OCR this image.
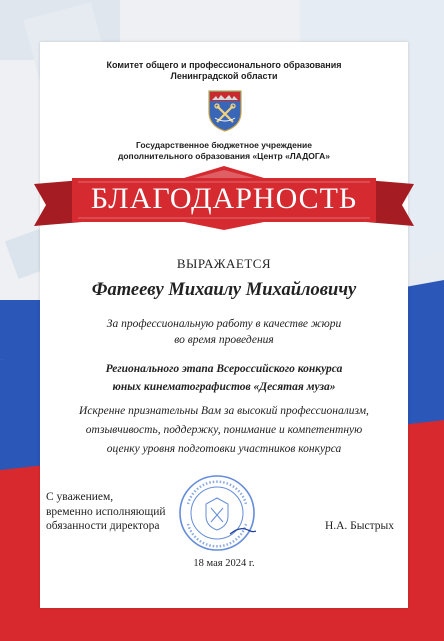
Комитет общего и профессионального образования
Ленинградской области
Государственное бюджетное учреждение
дополнительного образования «Центр «ЛАДОГА»
БЛАГОДАРНОСТЬ
ВЫРАЖАЕТСЯ
Фатееву Михаилу Михайловичу
За профессиональную работу в качестве жюри
во время проведения
Регионального этапа Всероссийского конкурса
юных кинематографистов «Десятая муза»
Искренне признательны Вам за высокий профессионализм,
отзывчивость, поддержку, понимание и компетентную
оценку уровня подготовки участников конкурса
С уважением,
временно исполняющий
обязанности директора	Н.А. Быстрых
18 мая 2024 г.
